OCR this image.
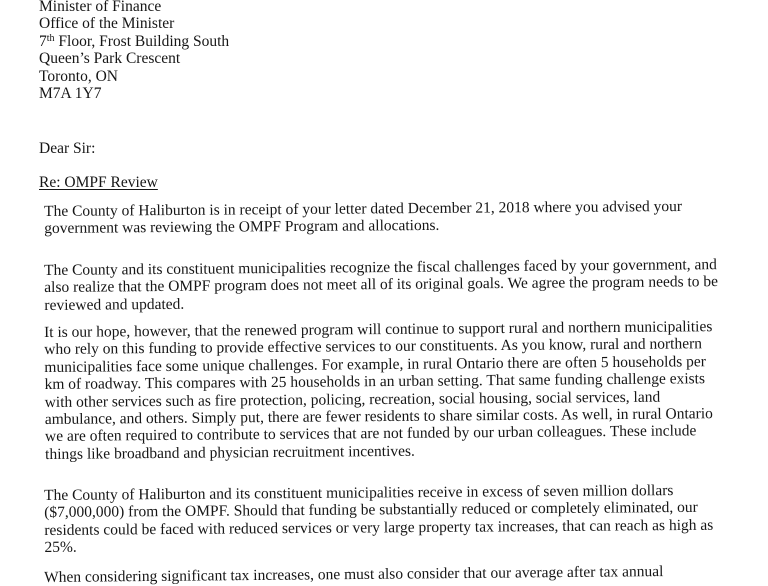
Minister of Finance
Office of the Minister
7th Floor, Frost Building South
Queen’s Park Crescent
Toronto, ON
M7A 1Y7
Dear Sir:
Re: OMPF Review
The County of Haliburton is in receipt of your letter dated December 21, 2018 where you advised your
government was reviewing the OMPF Program and allocations.
The County and its constituent municipalities recognize the fiscal challenges faced by your government, and
also realize that the OMPF program does not meet all of its original goals. We agree the program needs to be
reviewed and updated.
It is our hope, however, that the renewed program will continue to support rural and northern municipalities
who rely on this funding to provide effective services to our constituents. As you know, rural and northern
municipalities face some unique challenges. For example, in rural Ontario there are often 5 households per
km of roadway. This compares with 25 households in an urban setting. That same funding challenge exists
with other services such as fire protection, policing, recreation, social housing, social services, land
ambulance, and others. Simply put, there are fewer residents to share similar costs. As well, in rural Ontario
we are often required to contribute to services that are not funded by our urban colleagues. These include
things like broadband and physician recruitment incentives.
The County of Haliburton and its constituent municipalities receive in excess of seven million dollars
($7,000,000) from the OMPF. Should that funding be substantially reduced or completely eliminated, our
residents could be faced with reduced services or very large property tax increases, that can reach as high as
25%.
When considering significant tax increases, one must also consider that our average after tax annual
